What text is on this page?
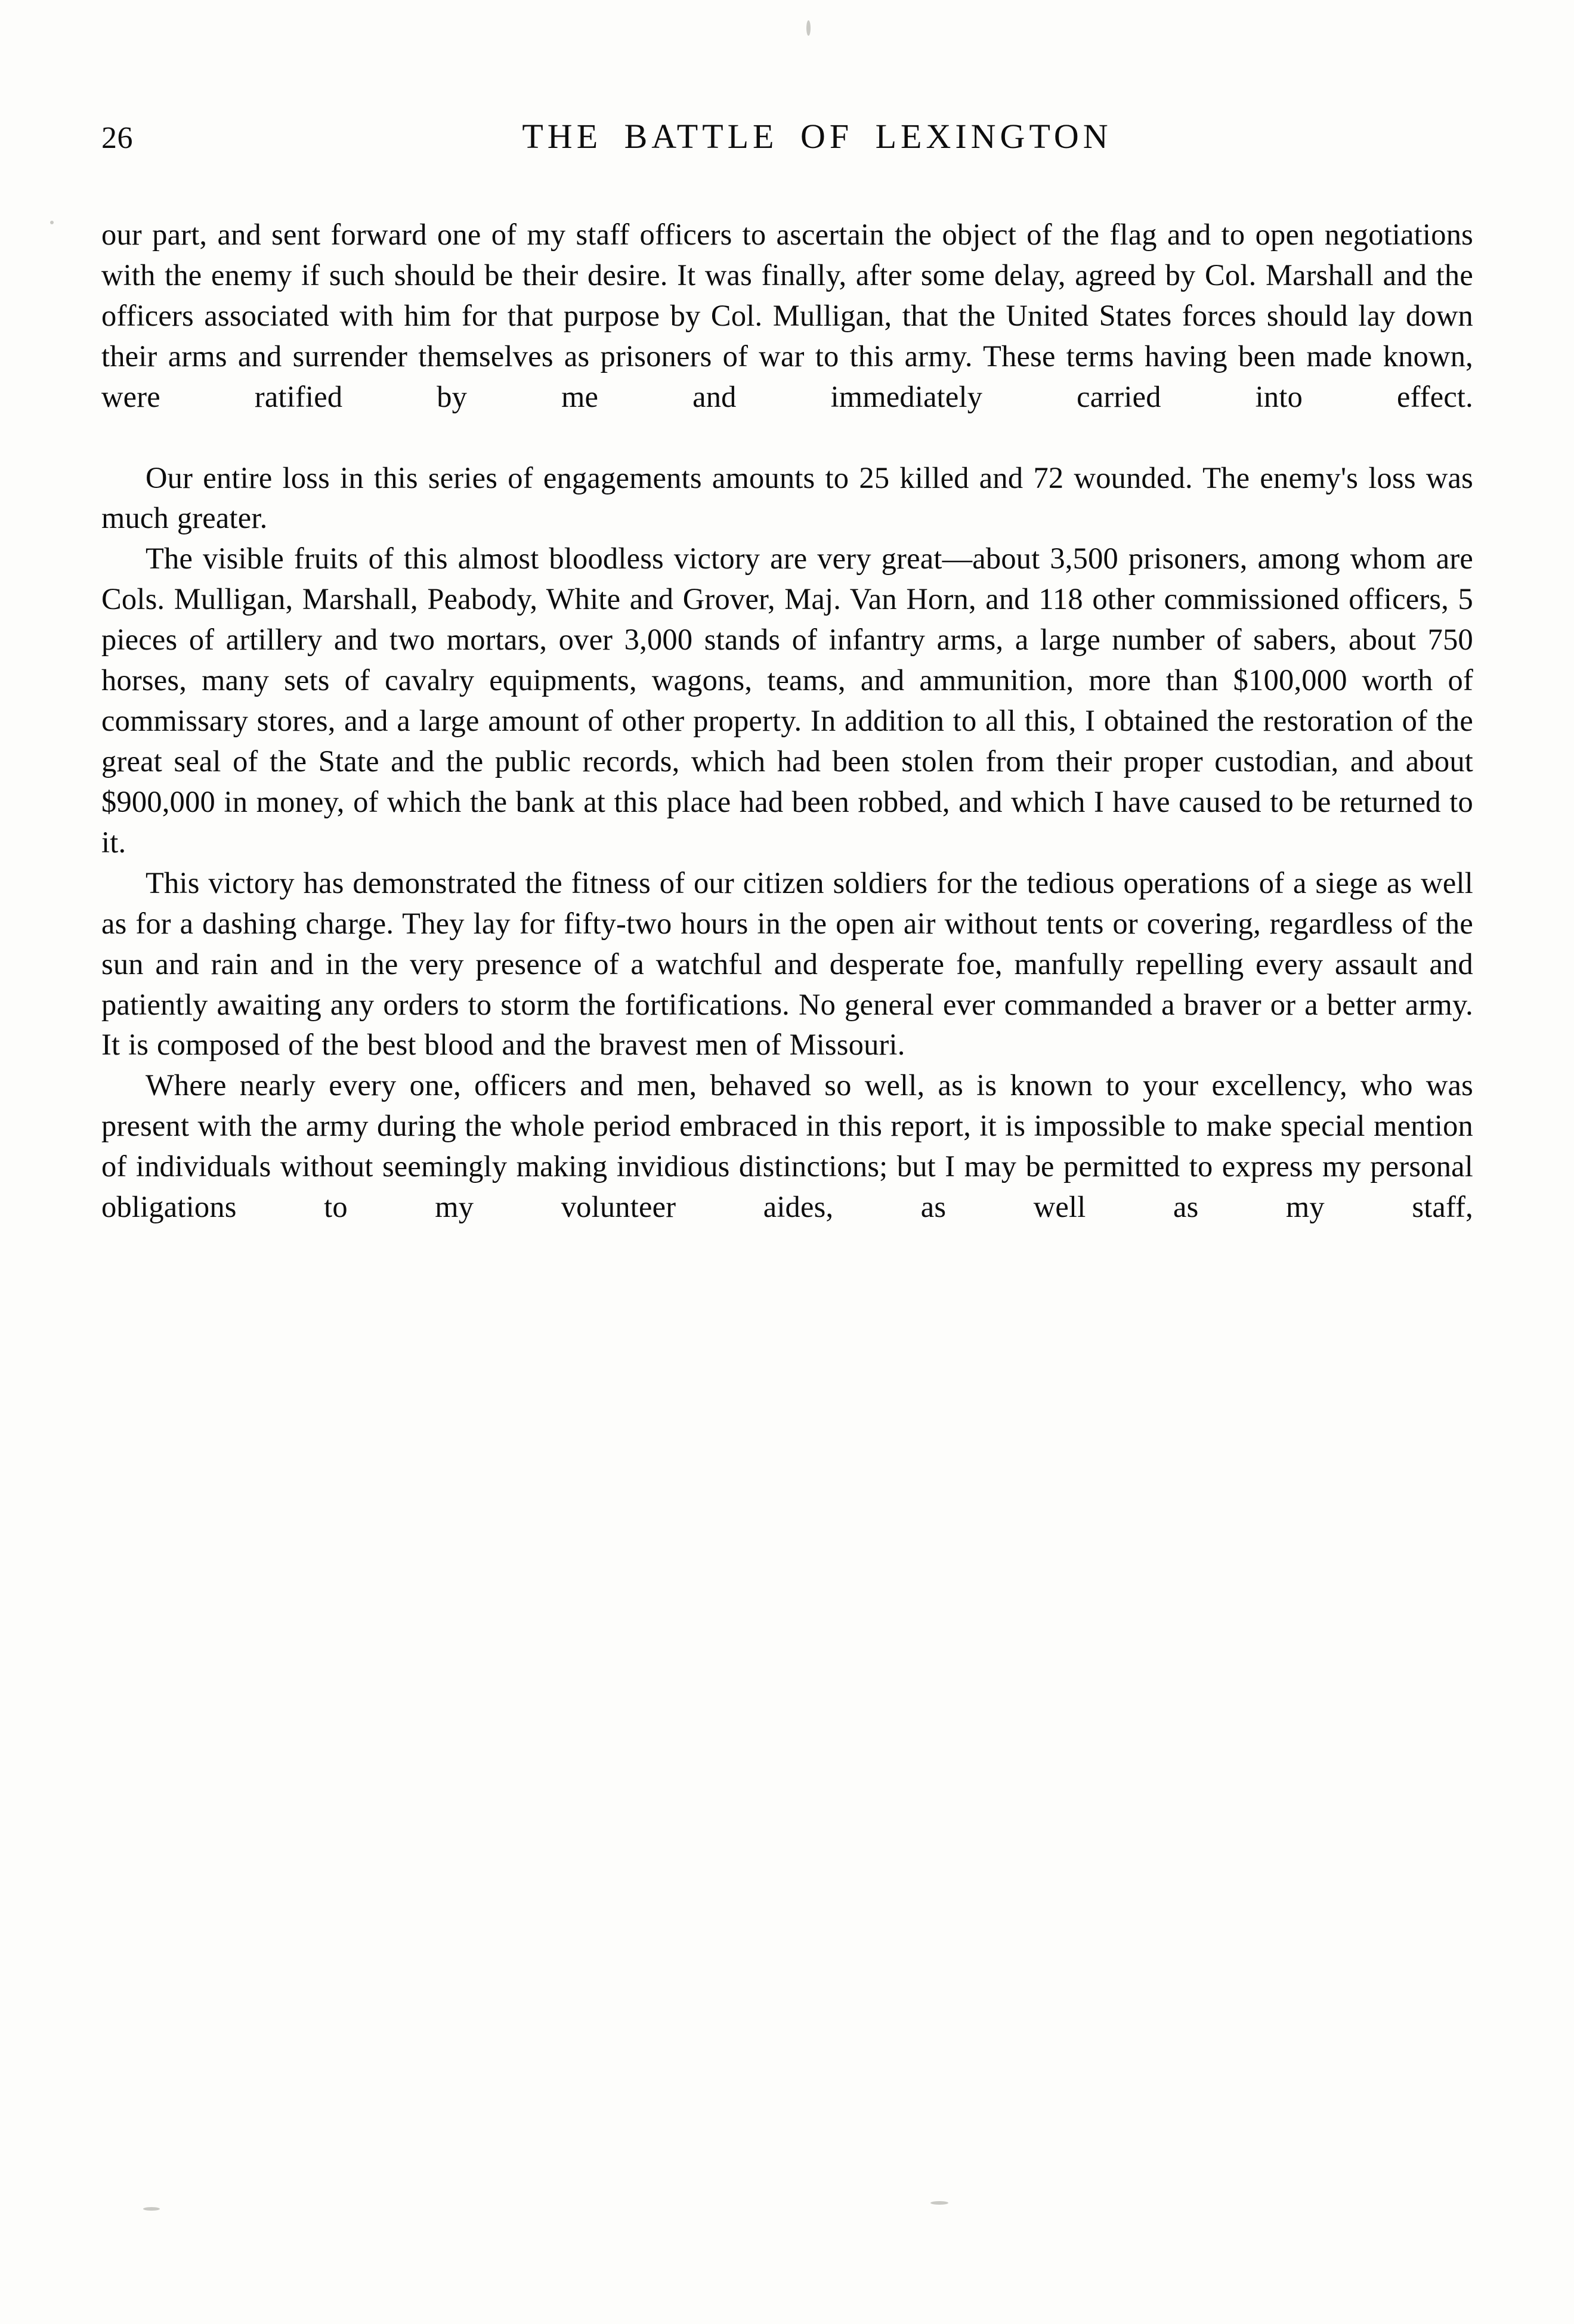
26	THE BATTLE OF LEXINGTON

our part, and sent forward one of my staff officers to ascertain the object of the flag and to open negotiations with the enemy if such should be their desire. It was finally, after some delay, agreed by Col. Marshall and the officers associated with him for that purpose by Col. Mulligan, that the United States forces should lay down their arms and surrender themselves as prisoners of war to this army. These terms having been made known, were ratified by me and immediately carried into effect.

Our entire loss in this series of engagements amounts to 25 killed and 72 wounded. The enemy's loss was much greater.

The visible fruits of this almost bloodless victory are very great—about 3,500 prisoners, among whom are Cols. Mulligan, Marshall, Peabody, White and Grover, Maj. Van Horn, and 118 other commissioned officers, 5 pieces of artillery and two mortars, over 3,000 stands of infantry arms, a large number of sabers, about 750 horses, many sets of cavalry equipments, wagons, teams, and ammunition, more than $100,000 worth of commissary stores, and a large amount of other property. In addition to all this, I obtained the restoration of the great seal of the State and the public records, which had been stolen from their proper custodian, and about $900,000 in money, of which the bank at this place had been robbed, and which I have caused to be returned to it.

This victory has demonstrated the fitness of our citizen soldiers for the tedious operations of a siege as well as for a dashing charge. They lay for fifty-two hours in the open air without tents or covering, regardless of the sun and rain and in the very presence of a watchful and desperate foe, manfully repelling every assault and patiently awaiting any orders to storm the fortifications. No general ever commanded a braver or a better army. It is composed of the best blood and the bravest men of Missouri.

Where nearly every one, officers and men, behaved so well, as is known to your excellency, who was present with the army during the whole period embraced in this report, it is impossible to make special mention of individuals without seemingly making invidious distinctions; but I may be permitted to express my personal obligations to my volunteer aides, as well as my staff,
